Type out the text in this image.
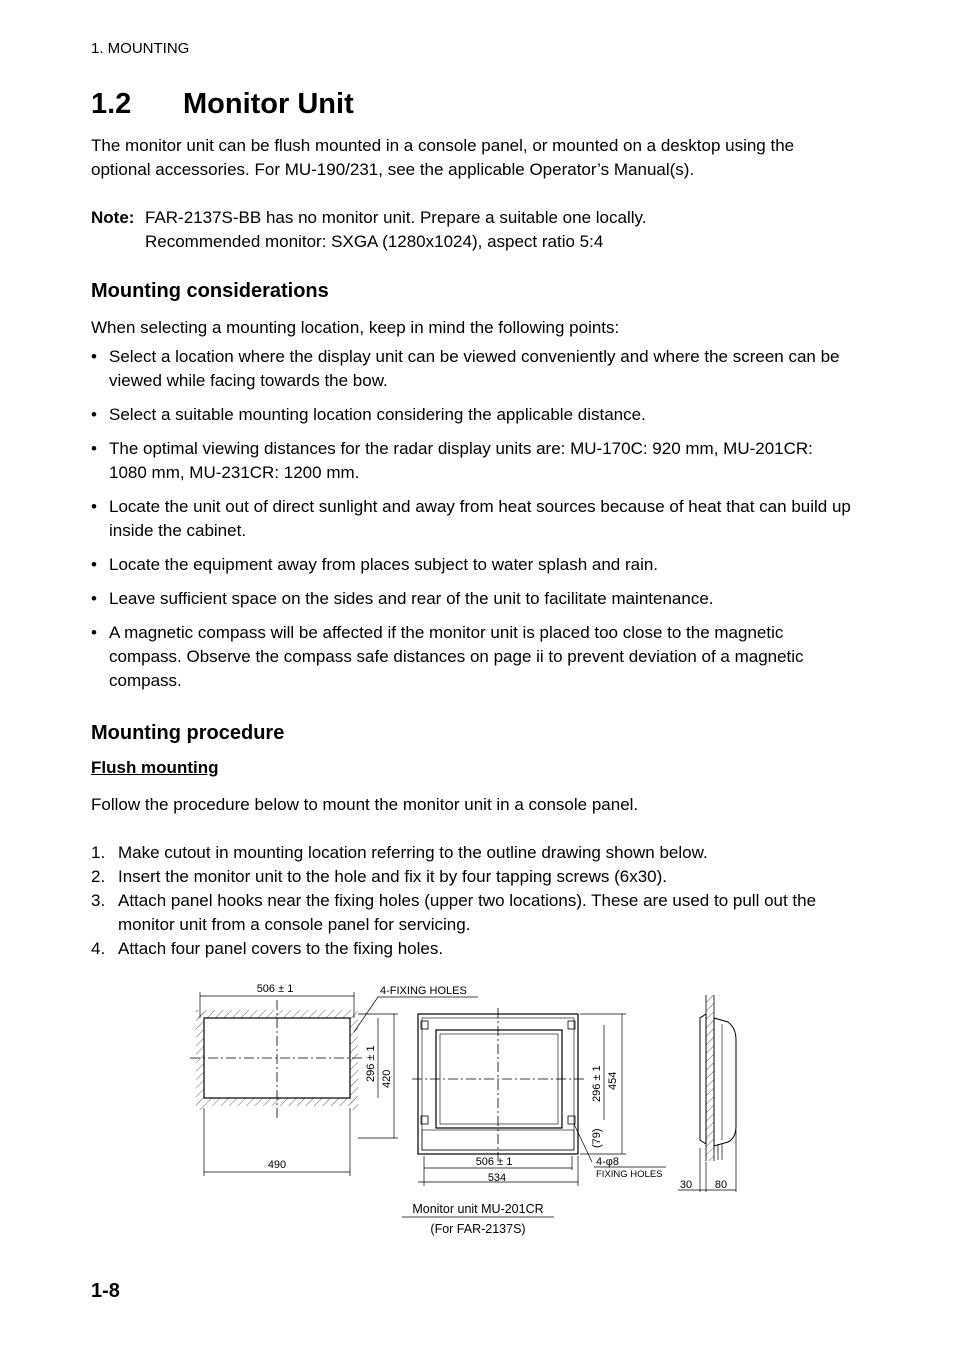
1. MOUNTING
1.2 Monitor Unit
The monitor unit can be flush mounted in a console panel, or mounted on a desktop using the optional accessories. For MU-190/231, see the applicable Operator’s Manual(s).
Note: FAR-2137S-BB has no monitor unit. Prepare a suitable one locally.
Recommended monitor: SXGA (1280x1024), aspect ratio 5:4
Mounting considerations
When selecting a mounting location, keep in mind the following points:
• Select a location where the display unit can be viewed conveniently and where the screen can be viewed while facing towards the bow.
• Select a suitable mounting location considering the applicable distance.
• The optimal viewing distances for the radar display units are: MU-170C: 920 mm, MU-201CR: 1080 mm, MU-231CR: 1200 mm.
• Locate the unit out of direct sunlight and away from heat sources because of heat that can build up inside the cabinet.
• Locate the equipment away from places subject to water splash and rain.
• Leave sufficient space on the sides and rear of the unit to facilitate maintenance.
• A magnetic compass will be affected if the monitor unit is placed too close to the magnetic compass. Observe the compass safe distances on page ii to prevent deviation of a magnetic compass.
Mounting procedure
Flush mounting
Follow the procedure below to mount the monitor unit in a console panel.
1. Make cutout in mounting location referring to the outline drawing shown below.
2. Insert the monitor unit to the hole and fix it by four tapping screws (6x30).
3. Attach panel hooks near the fixing holes (upper two locations). These are used to pull out the monitor unit from a console panel for servicing.
4. Attach four panel covers to the fixing holes.
506 ± 1
490
4-FIXING HOLES
296 ± 1 420	454
296 ± 1
(79)
506 ± 1
534
4-φ8
FIXING HOLES
30 80
Monitor unit MU-201CR
(For FAR-2137S)
1-8
